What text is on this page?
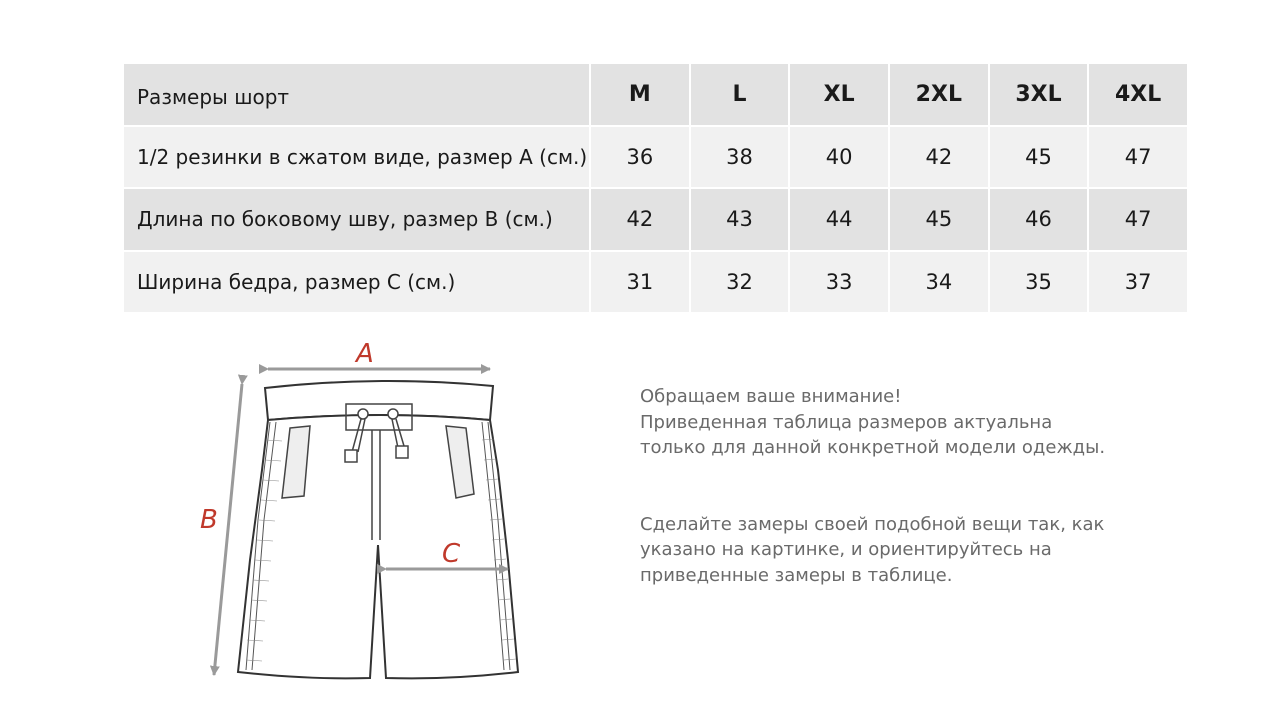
Размеры шорт	M	L	XL	2XL	3XL	4XL
1/2 резинки в сжатом виде, размер А (см.)	36	38	40	42	45	47
Длина по боковому шву, размер В (см.)	42	43	44	45	46	47
Ширина бедра, размер С (см.)	31	32	33	34	35	37
A
B
C

Обращаем ваше внимание!
Приведенная таблица размеров актуальна
только для данной конкретной модели одежды.

Сделайте замеры своей подобной вещи так, как
указано на картинке, и ориентируйтесь на
приведенные замеры в таблице.
